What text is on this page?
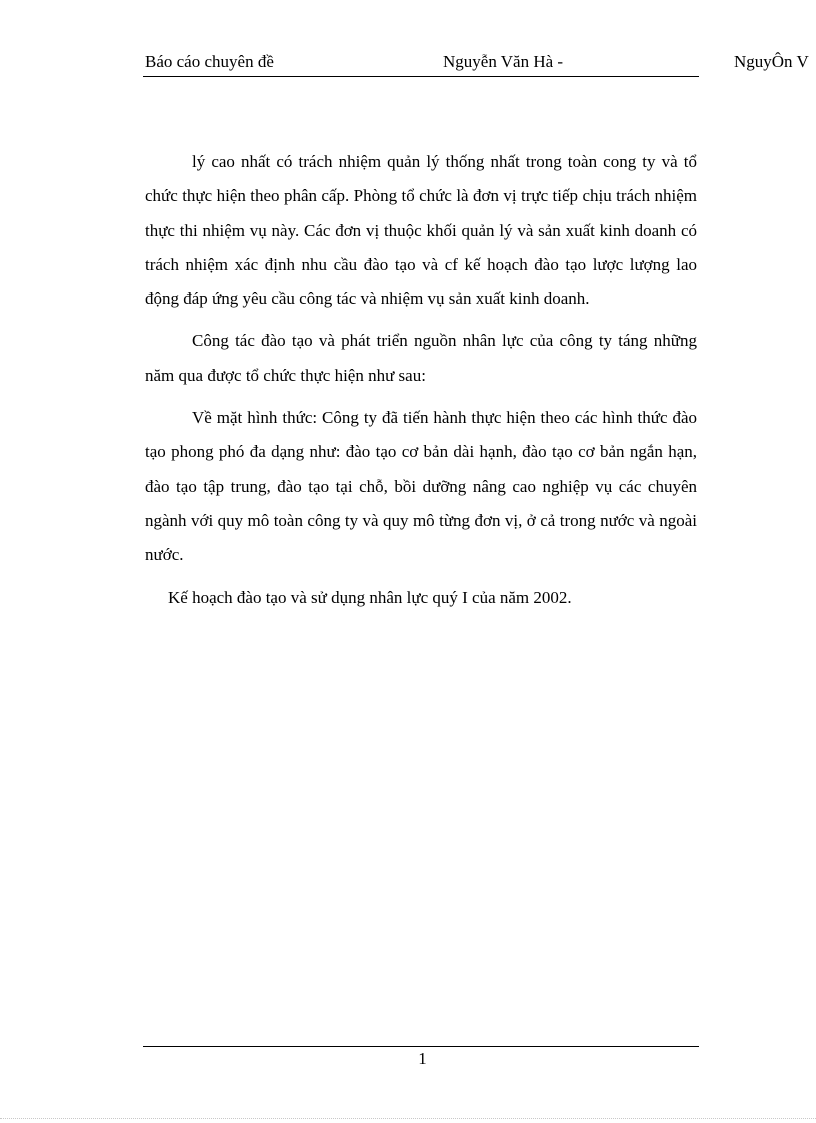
Báo cáo chuyên đề	Nguyễn Văn Hà -	NguyÔn V

lý cao nhất có trách nhiệm quản lý thống nhất trong toàn cong ty và tổ chức thực hiện theo phân cấp. Phòng tổ chức là đơn vị trực tiếp chịu trách nhiệm thực thi nhiệm vụ này. Các đơn vị thuộc khối quản lý và sản xuất kinh doanh có trách nhiệm xác định nhu cầu đào tạo và cf kế hoạch đào tạo lược lượng lao động đáp ứng yêu cầu công tác và nhiệm vụ sản xuất kinh doanh.

Công tác đào tạo và phát triển nguồn nhân lực của công ty táng những năm qua được tổ chức thực hiện như sau:

Về mặt hình thức: Công ty đã tiến hành thực hiện theo các hình thức đào tạo phong phó đa dạng như: đào tạo cơ bản dài hạnh, đào tạo cơ bản ngắn hạn, đào tạo tập trung, đào tạo tại chỗ, bồi dưỡng nâng cao nghiệp vụ các chuyên ngành với quy mô toàn công ty và quy mô từng đơn vị, ở cả trong nước và ngoài nước.

Kế hoạch đào tạo và sử dụng nhân lực quý I của năm 2002.

1
